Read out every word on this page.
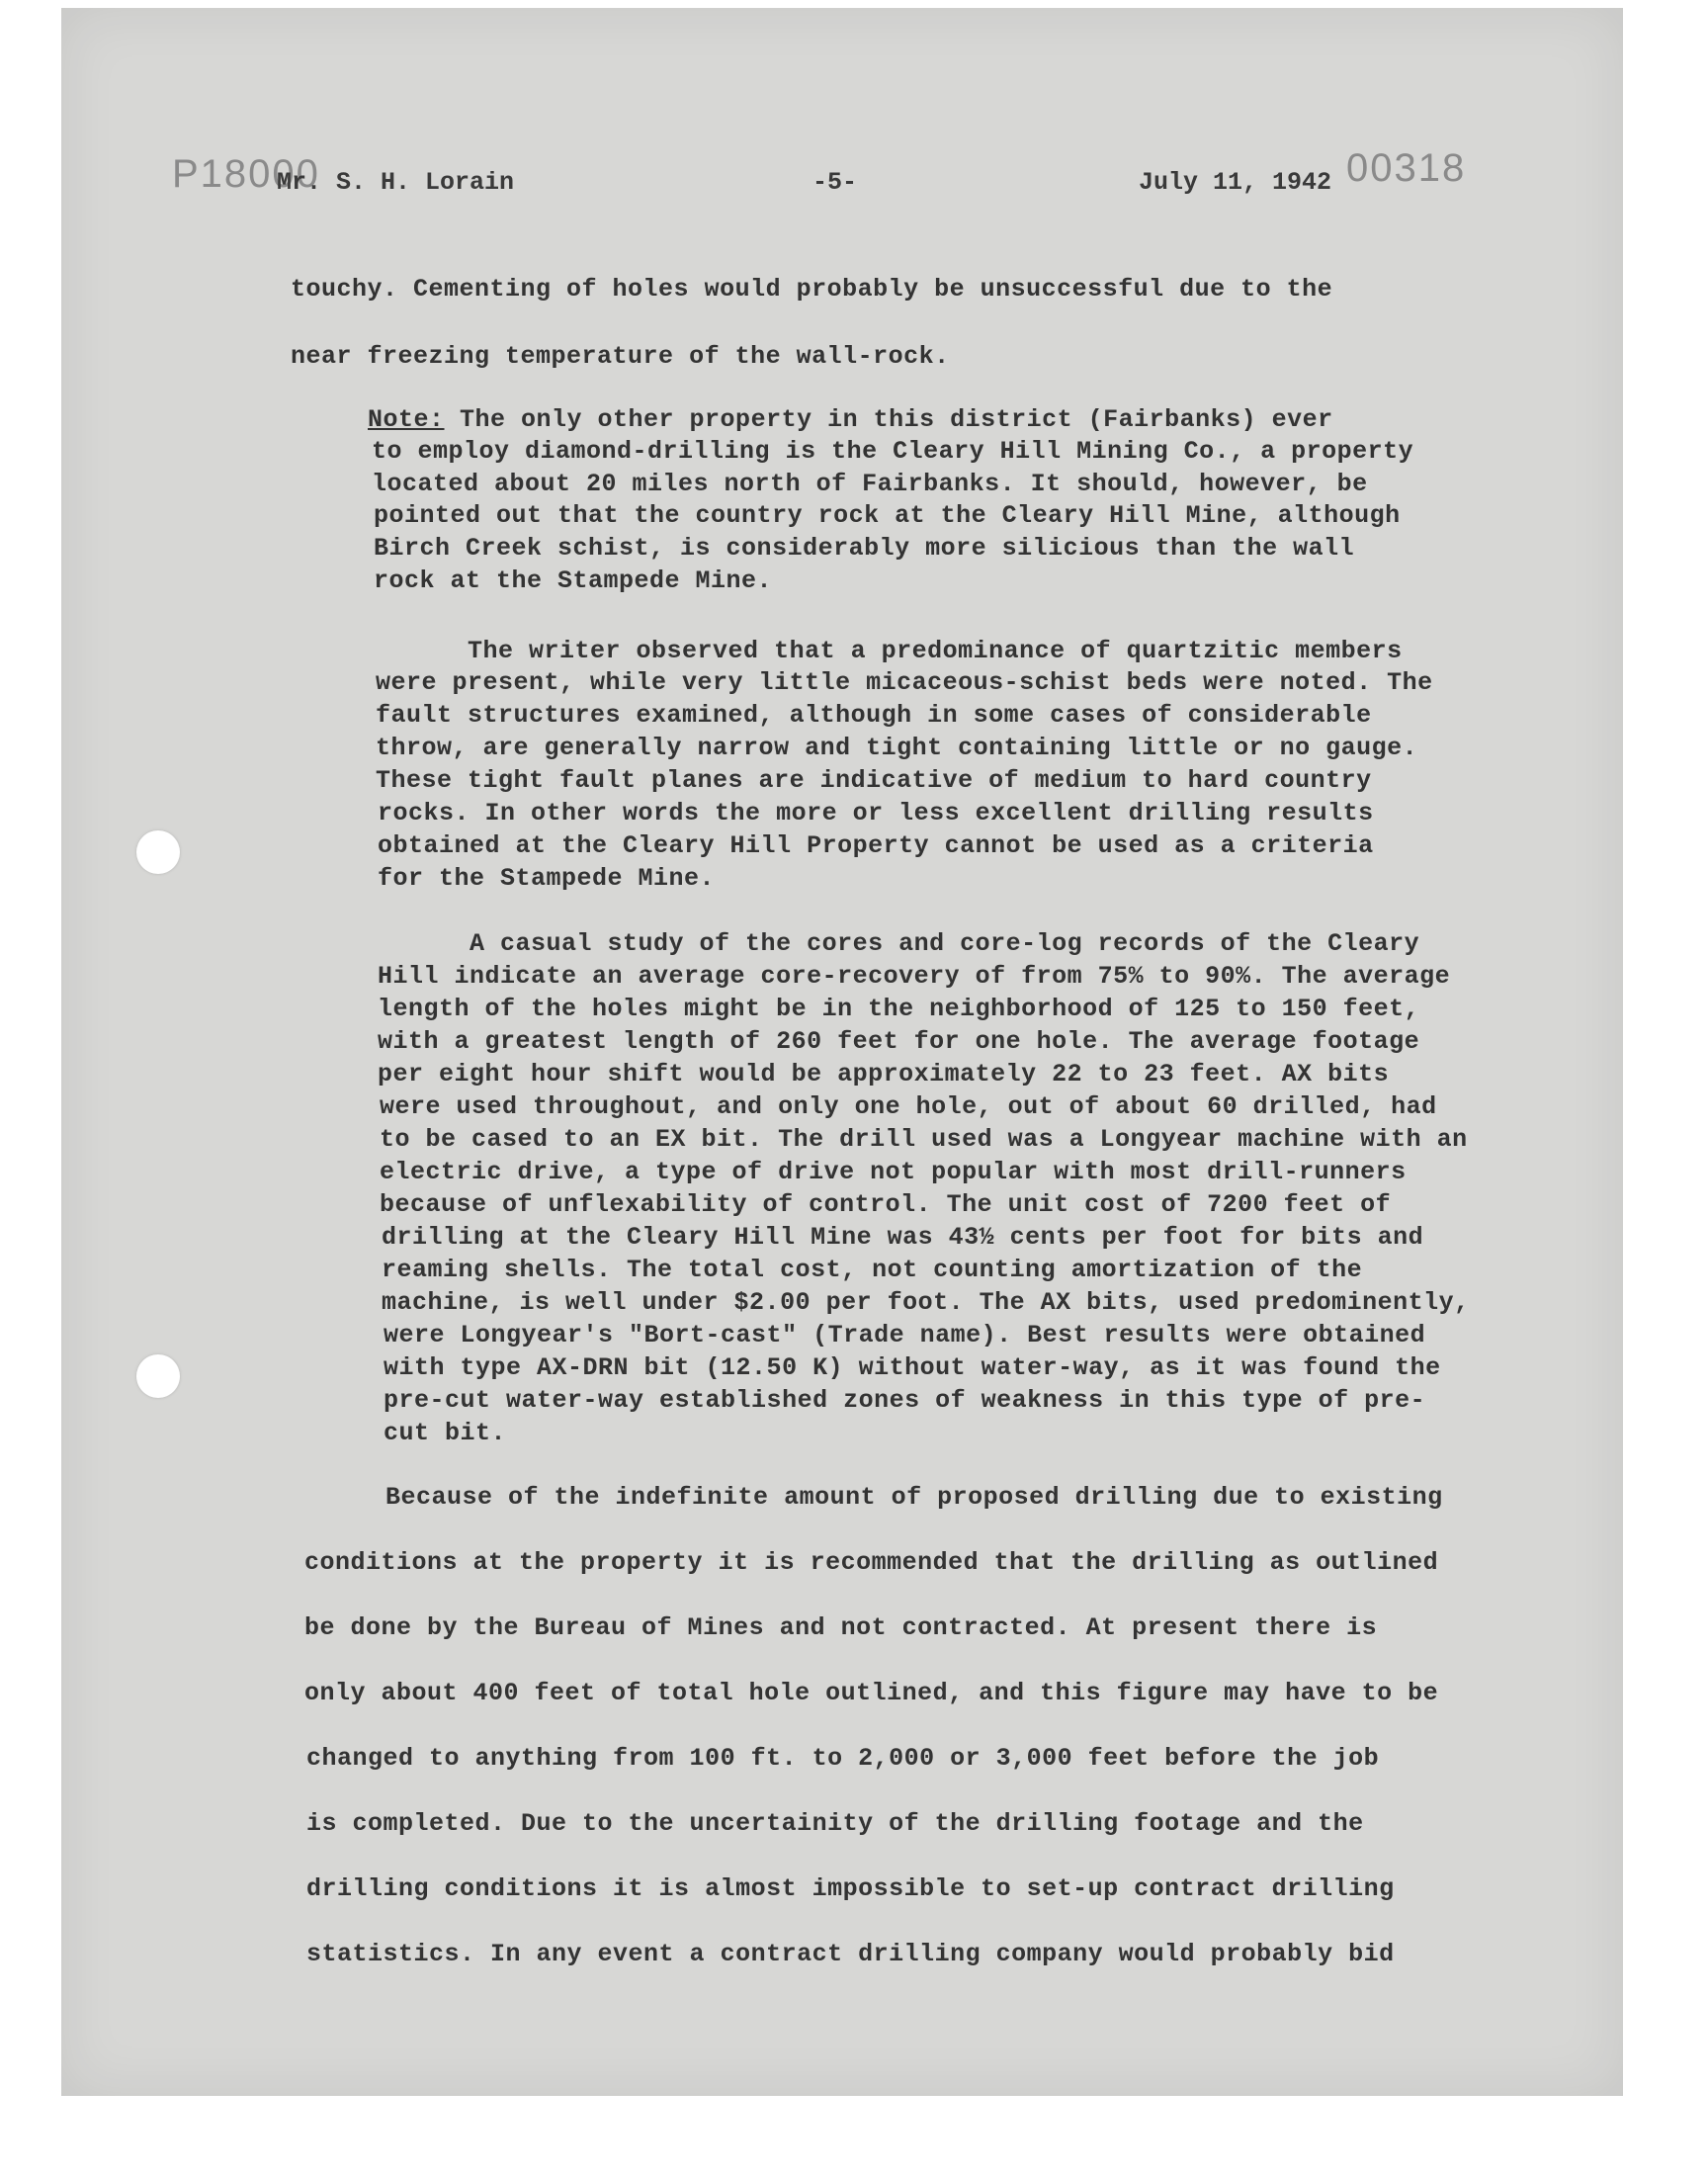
P18000	00318
Mr. S. H. Lorain	-5-	July 11, 1942
touchy. Cementing of holes would probably be unsuccessful due to the
near freezing temperature of the wall-rock.
Note: The only other property in this district (Fairbanks) ever
to employ diamond-drilling is the Cleary Hill Mining Co., a property
located about 20 miles north of Fairbanks. It should, however, be
pointed out that the country rock at the Cleary Hill Mine, although
Birch Creek schist, is considerably more silicious than the wall
rock at the Stampede Mine.
The writer observed that a predominance of quartzitic members
were present, while very little micaceous-schist beds were noted. The
fault structures examined, although in some cases of considerable
throw, are generally narrow and tight containing little or no gauge.
These tight fault planes are indicative of medium to hard country
rocks. In other words the more or less excellent drilling results
obtained at the Cleary Hill Property cannot be used as a criteria
for the Stampede Mine.
A casual study of the cores and core-log records of the Cleary
Hill indicate an average core-recovery of from 75% to 90%. The average
length of the holes might be in the neighborhood of 125 to 150 feet,
with a greatest length of 260 feet for one hole. The average footage
per eight hour shift would be approximately 22 to 23 feet. AX bits
were used throughout, and only one hole, out of about 60 drilled, had
to be cased to an EX bit. The drill used was a Longyear machine with an
electric drive, a type of drive not popular with most drill-runners
because of unflexability of control. The unit cost of 7200 feet of
drilling at the Cleary Hill Mine was 43½ cents per foot for bits and
reaming shells. The total cost, not counting amortization of the
machine, is well under $2.00 per foot. The AX bits, used predominently,
were Longyear's "Bort-cast" (Trade name). Best results were obtained
with type AX-DRN bit (12.50 K) without water-way, as it was found the
pre-cut water-way established zones of weakness in this type of pre-
cut bit.
Because of the indefinite amount of proposed drilling due to existing
conditions at the property it is recommended that the drilling as outlined
be done by the Bureau of Mines and not contracted. At present there is
only about 400 feet of total hole outlined, and this figure may have to be
changed to anything from 100 ft. to 2,000 or 3,000 feet before the job
is completed. Due to the uncertainity of the drilling footage and the
drilling conditions it is almost impossible to set-up contract drilling
statistics. In any event a contract drilling company would probably bid
